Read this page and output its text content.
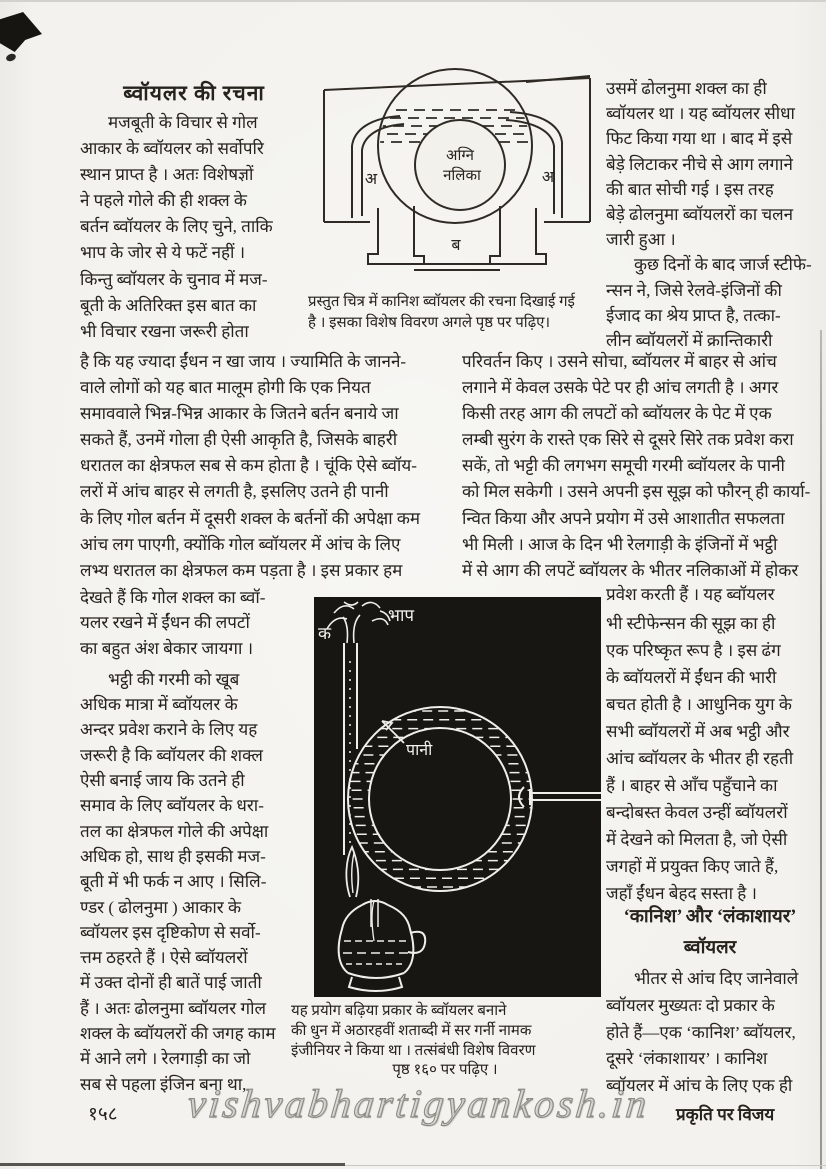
ब्वॉयलर की रचना
मजबूती के विचार से गोल
आकार के ब्वॉयलर को सर्वोपरि
स्थान प्राप्त है । अतः विशेषज्ञों
ने पहले गोले की ही शक्ल के
बर्तन ब्वॉयलर के लिए चुने, ताकि
भाप के जोर से ये फटें नहीं ।
किन्तु ब्वॉयलर के चुनाव में मज-
बूती के अतिरिक्त इस बात का
भी विचार रखना जरूरी होता
अग्नि
नलिका
अ	अ
ब
प्रस्तुत चित्र में कानिश ब्वॉयलर की रचना दिखाई गई
है । इसका विशेष विवरण अगले पृष्ठ पर पढ़िए।
उसमें ढोलनुमा शक्ल का ही
ब्वॉयलर था । यह ब्वॉयलर सीधा
फिट किया गया था । बाद में इसे
बेड़े लिटाकर नीचे से आग लगाने
की बात सोची गई । इस तरह
बेड़े ढोलनुमा ब्वॉयलरों का चलन
जारी हुआ ।
कुछ दिनों के बाद जार्ज स्टीफे-
न्सन ने, जिसे रेलवे-इंजिनों की
ईजाद का श्रेय प्राप्त है, तत्का-
लीन ब्वॉयलरों में क्रान्तिकारी
है कि यह ज्यादा ईंधन न खा जाय । ज्यामिति के जानने-
वाले लोगों को यह बात मालूम होगी कि एक नियत
समाववाले भिन्न-भिन्न आकार के जितने बर्तन बनाये जा
सकते हैं, उनमें गोला ही ऐसी आकृति है, जिसके बाहरी
धरातल का क्षेत्रफल सब से कम होता है । चूंकि ऐसे ब्वॉय-
लरों में आंच बाहर से लगती है, इसलिए उतने ही पानी
के लिए गोल बर्तन में दूसरी शक्ल के बर्तनों की अपेक्षा कम
आंच लग पाएगी, क्योंकि गोल ब्वॉयलर में आंच के लिए
लभ्य धरातल का क्षेत्रफल कम पड़ता है । इस प्रकार हम
परिवर्तन किए । उसने सोचा, ब्वॉयलर में बाहर से आंच
लगाने में केवल उसके पेटे पर ही आंच लगती है । अगर
किसी तरह आग की लपटों को ब्वॉयलर के पेट में एक
लम्बी सुरंग के रास्ते एक सिरे से दूसरे सिरे तक प्रवेश करा
सकें, तो भट्टी की लगभग समूची गरमी ब्वॉयलर के पानी
को मिल सकेगी । उसने अपनी इस सूझ को फौरन् ही कार्या-
न्वित किया और अपने प्रयोग में उसे आशातीत सफलता
भी मिली । आज के दिन भी रेलगाड़ी के इंजिनों में भट्ठी
में से आग की लपटें ब्वॉयलर के भीतर नलिकाओं में होकर
देखते हैं कि गोल शक्ल का ब्वॉ-
यलर रखने में ईंधन की लपटों
का बहुत अंश बेकार जायगा ।
भट्ठी की गरमी को खूब
अधिक मात्रा में ब्वॉयलर के
अन्दर प्रवेश कराने के लिए यह
जरूरी है कि ब्वॉयलर की शक्ल
ऐसी बनाई जाय कि उतने ही
समाव के लिए ब्वॉयलर के धरा-
तल का क्षेत्रफल गोले की अपेक्षा
अधिक हो, साथ ही इसकी मज-
बूती में भी फर्क न आए । सिलि-
ण्डर ( ढोलनुमा ) आकार के
ब्वॉयलर इस दृष्टिकोण से सर्वो-
त्तम ठहरते हैं । ऐसे ब्वॉयलरों
में उक्त दोनों ही बातें पाई जाती
हैं । अतः ढोलनुमा ब्वॉयलर गोल
शक्ल के ब्वॉयलरों की जगह काम
में आने लगे । रेलगाड़ी का जो
सब से पहला इंजिन बना था,
प्रवेश करती हैं । यह ब्वॉयलर
भी स्टीफेन्सन की सूझ का ही
एक परिष्कृत रूप है । इस ढंग
के ब्वॉयलरों में ईंधन की भारी
बचत होती है । आधुनिक युग के
सभी ब्वॉयलरों में अब भट्ठी और
आंच ब्वॉयलर के भीतर ही रहती
हैं । बाहर से आँच पहुँचाने का
बन्दोबस्त केवल उन्हीं ब्वॉयलरों
में देखने को मिलता है, जो ऐसी
जगहों में प्रयुक्त किए जाते हैं,
जहाँ ईंधन बेहद सस्ता है ।
‘कानिश’ और ‘लंकाशायर’
ब्वॉयलर
भीतर से आंच दिए जानेवाले
ब्वॉयलर मुख्यतः दो प्रकार के
होते हैं—एक ‘कानिश’ ब्वॉयलर,
दूसरे ‘लंकाशायर’ । कानिश
ब्वॉयलर में आंच के लिए एक ही
भाप
क
पानी
यह प्रयोग बढ़िया प्रकार के ब्वॉयलर बनाने
की धुन में अठारहवीं शताब्दी में सर गर्नी नामक
इंजीनियर ने किया था । तत्संबंधी विशेष विवरण
पृष्ठ १६० पर पढ़िए ।
१५८ vishvabhartigyankosh.in प्रकृति पर विजय
